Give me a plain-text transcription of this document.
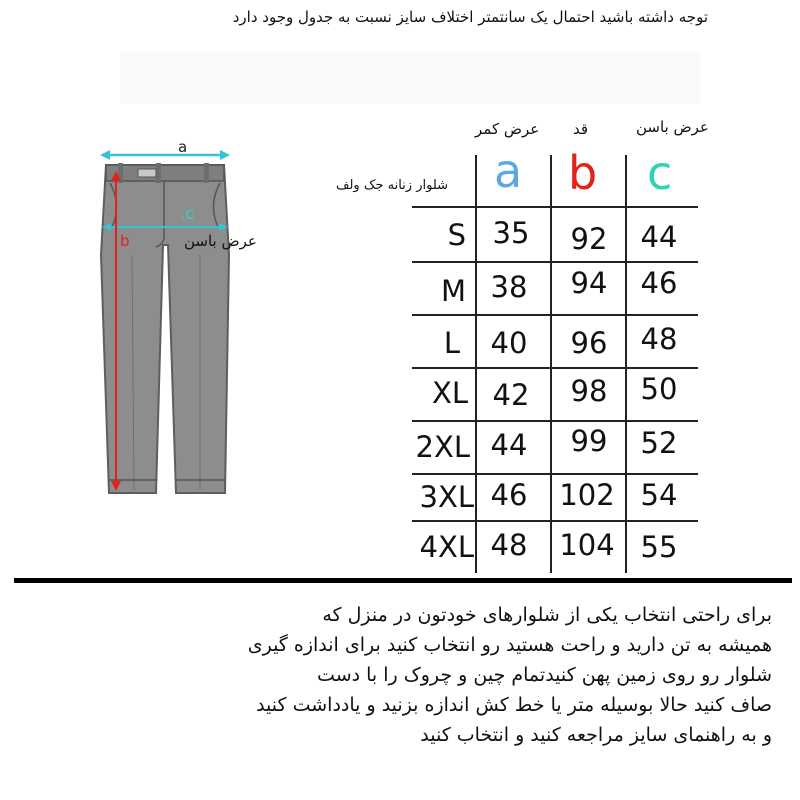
توجه داشته باشید احتمال یک سانتمتر اختلاف سایز نسبت به جدول وجود دارد
a
b
.c
عرض باسن
عرض کمر قد	عرض باسن
a b c
شلوار زنانه جک ولف
S 35	92	44
M 38	94	46
L	40	96	48
XL 42	98	50
2XL 44	99	52
3XL 46	102 54
4XL 48	104 55
برای راحتی انتخاب یکی از شلوارهای خودتون در منزل که
همیشه به تن دارید و راحت هستید رو انتخاب کنید برای اندازه گیری
شلوار رو روی زمین پهن کنیدتمام چین و چروک را با دست
صاف کنید حالا بوسیله متر یا خط کش اندازه بزنید و یادداشت کنید
و به راهنمای سایز مراجعه کنید و انتخاب کنید
